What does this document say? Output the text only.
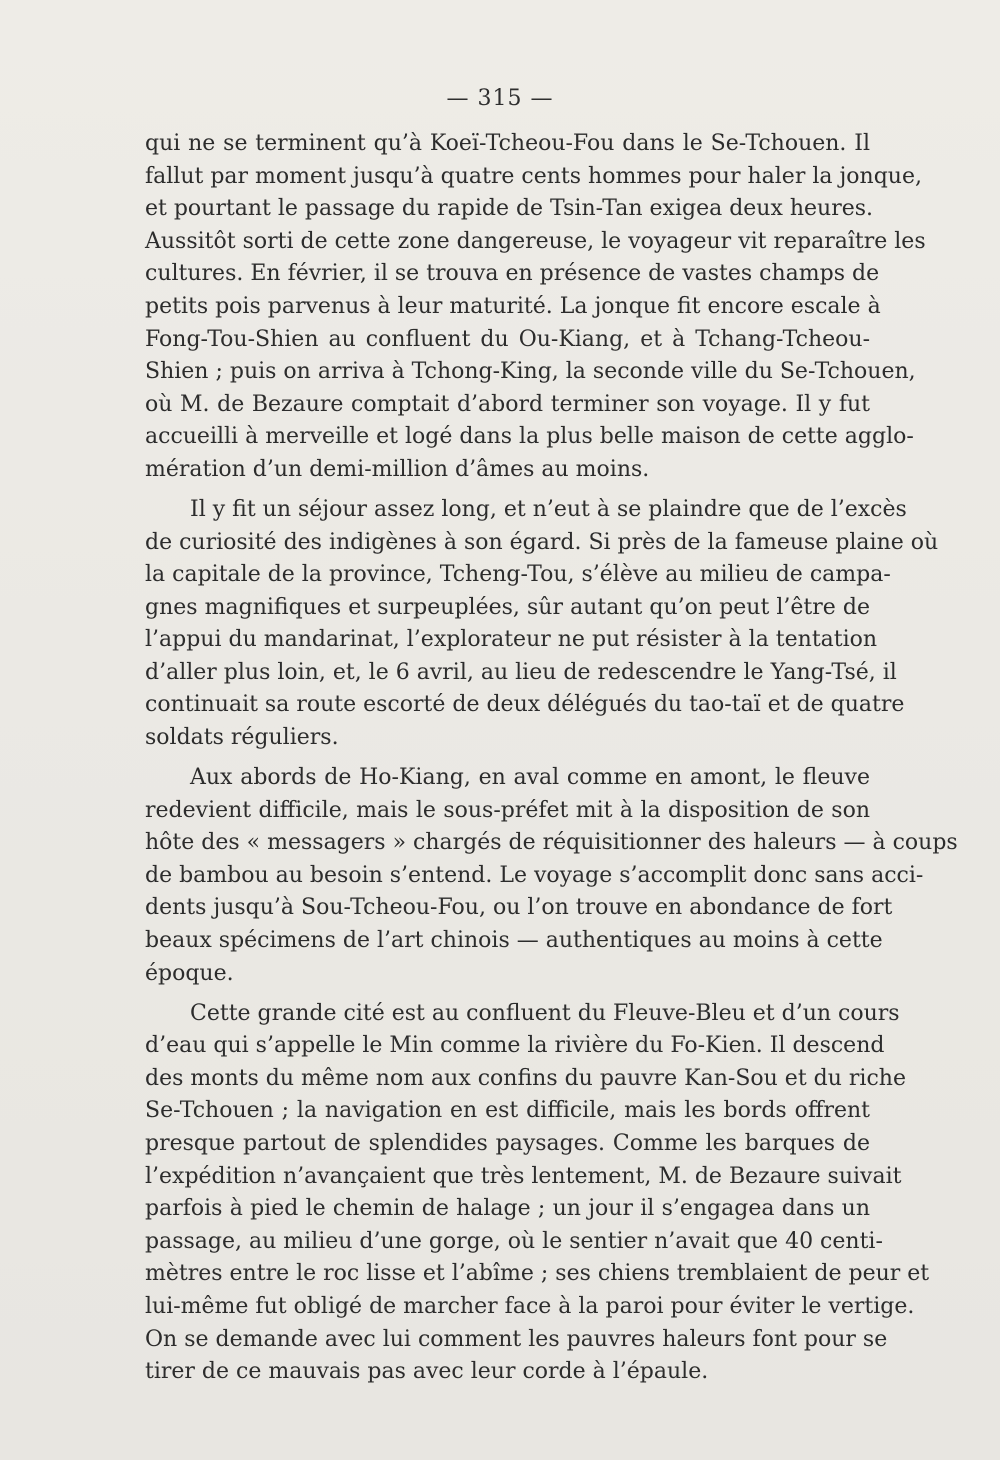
— 315 —

qui ne se terminent qu’à Koeï-Tcheou-Fou dans le Se-Tchouen. Il
fallut par moment jusqu’à quatre cents hommes pour haler la jonque,
et pourtant le passage du rapide de Tsin-Tan exigea deux heures.
Aussitôt sorti de cette zone dangereuse, le voyageur vit reparaître les
cultures. En février, il se trouva en présence de vastes champs de
petits pois parvenus à leur maturité. La jonque fit encore escale à
Fong-Tou-Shien au confluent du Ou-Kiang, et à Tchang-Tcheou-
Shien ; puis on arriva à Tchong-King, la seconde ville du Se-Tchouen,
où M. de Bezaure comptait d’abord terminer son voyage. Il y fut
accueilli à merveille et logé dans la plus belle maison de cette agglo-
mération d’un demi-million d’âmes au moins.

Il y fit un séjour assez long, et n’eut à se plaindre que de l’excès
de curiosité des indigènes à son égard. Si près de la fameuse plaine où
la capitale de la province, Tcheng-Tou, s’élève au milieu de campa-
gnes magnifiques et surpeuplées, sûr autant qu’on peut l’être de
l’appui du mandarinat, l’explorateur ne put résister à la tentation
d’aller plus loin, et, le 6 avril, au lieu de redescendre le Yang-Tsé, il
continuait sa route escorté de deux délégués du tao-taï et de quatre
soldats réguliers.

Aux abords de Ho-Kiang, en aval comme en amont, le fleuve
redevient difficile, mais le sous-préfet mit à la disposition de son
hôte des « messagers » chargés de réquisitionner des haleurs — à coups
de bambou au besoin s’entend. Le voyage s’accomplit donc sans acci-
dents jusqu’à Sou-Tcheou-Fou, ou l’on trouve en abondance de fort
beaux spécimens de l’art chinois — authentiques au moins à cette
époque.

Cette grande cité est au confluent du Fleuve-Bleu et d’un cours
d’eau qui s’appelle le Min comme la rivière du Fo-Kien. Il descend
des monts du même nom aux confins du pauvre Kan-Sou et du riche
Se-Tchouen ; la navigation en est difficile, mais les bords offrent
presque partout de splendides paysages. Comme les barques de
l’expédition n’avançaient que très lentement, M. de Bezaure suivait
parfois à pied le chemin de halage ; un jour il s’engagea dans un
passage, au milieu d’une gorge, où le sentier n’avait que 40 centi-
mètres entre le roc lisse et l’abîme ; ses chiens tremblaient de peur et
lui-même fut obligé de marcher face à la paroi pour éviter le vertige.
On se demande avec lui comment les pauvres haleurs font pour se
tirer de ce mauvais pas avec leur corde à l’épaule.
